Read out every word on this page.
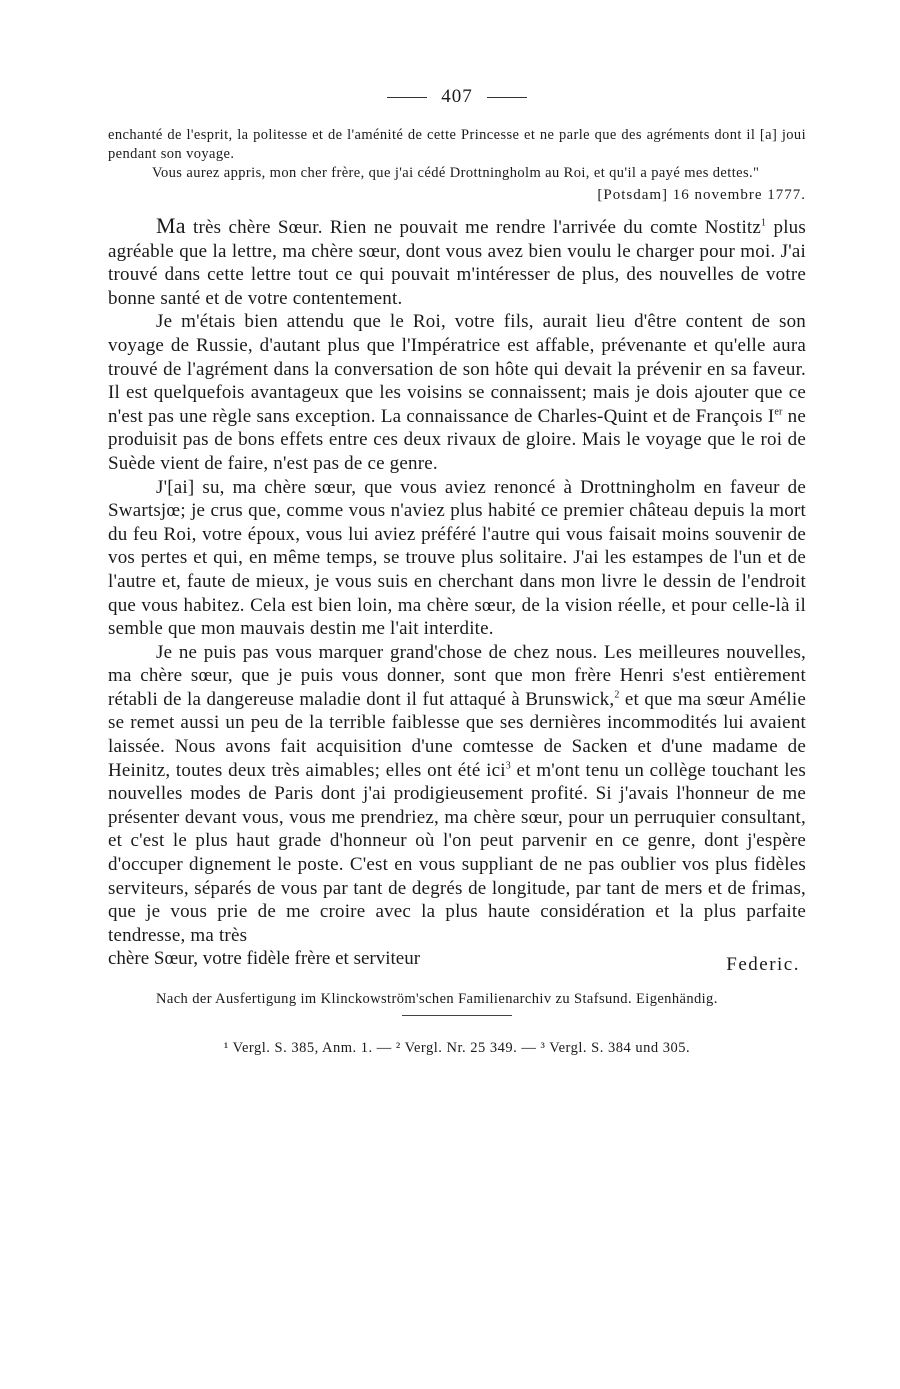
407

enchanté de l'esprit, la politesse et de l'aménité de cette Princesse et ne parle que des agréments dont il [a] joui pendant son voyage.

Vous aurez appris, mon cher frère, que j'ai cédé Drottningholm au Roi, et qu'il a payé mes dettes."

[Potsdam] 16 novembre 1777.

Ma très chère Sœur. Rien ne pouvait me rendre l'arrivée du comte Nostitz$^1$ plus agréable que la lettre, ma chère sœur, dont vous avez bien voulu le charger pour moi. J'ai trouvé dans cette lettre tout ce qui pouvait m'intéresser de plus, des nouvelles de votre bonne santé et de votre contentement.

Je m'étais bien attendu que le Roi, votre fils, aurait lieu d'être content de son voyage de Russie, d'autant plus que l'Impératrice est affable, prévenante et qu'elle aura trouvé de l'agrément dans la conversation de son hôte qui devait la prévenir en sa faveur. Il est quelquefois avantageux que les voisins se connaissent; mais je dois ajouter que ce n'est pas une règle sans exception. La connaissance de Charles-Quint et de François Ier ne produisit pas de bons effets entre ces deux rivaux de gloire. Mais le voyage que le roi de Suède vient de faire, n'est pas de ce genre.

J'[ai] su, ma chère sœur, que vous aviez renoncé à Drottningholm en faveur de Swartsjœ; je crus que, comme vous n'aviez plus habité ce premier château depuis la mort du feu Roi, votre époux, vous lui aviez préféré l'autre qui vous faisait moins souvenir de vos pertes et qui, en même temps, se trouve plus solitaire. J'ai les estampes de l'un et de l'autre et, faute de mieux, je vous suis en cherchant dans mon livre le dessin de l'endroit que vous habitez. Cela est bien loin, ma chère sœur, de la vision réelle, et pour celle-là il semble que mon mauvais destin me l'ait interdite.

Je ne puis pas vous marquer grand'chose de chez nous. Les meilleures nouvelles, ma chère sœur, que je puis vous donner, sont que mon frère Henri s'est entièrement rétabli de la dangereuse maladie dont il fut attaqué à Brunswick,$^2$ et que ma sœur Amélie se remet aussi un peu de la terrible faiblesse que ses dernières incommodités lui avaient laissée. Nous avons fait acquisition d'une comtesse de Sacken et d'une madame de Heinitz, toutes deux très aimables; elles ont été ici$^3$ et m'ont tenu un collège touchant les nouvelles modes de Paris dont j'ai prodigieusement profité. Si j'avais l'honneur de me présenter devant vous, vous me prendriez, ma chère sœur, pour un perruquier consultant, et c'est le plus haut grade d'honneur où l'on peut parvenir en ce genre, dont j'espère d'occuper dignement le poste. C'est en vous suppliant de ne pas oublier vos plus fidèles serviteurs, séparés de vous par tant de degrés de longitude, par tant de mers et de frimas, que je vous prie de me croire avec la plus haute considération et la plus parfaite tendresse, ma très

chère Sœur, votre fidèle frère et serviteur	Federic.
Nach der Ausfertigung im Klinckowström'schen Familienarchiv zu Stafsund. Eigenhändig.
¹ Vergl. S. 385, Anm. 1. — ² Vergl. Nr. 25 349. — ³ Vergl. S. 384 und 305.
